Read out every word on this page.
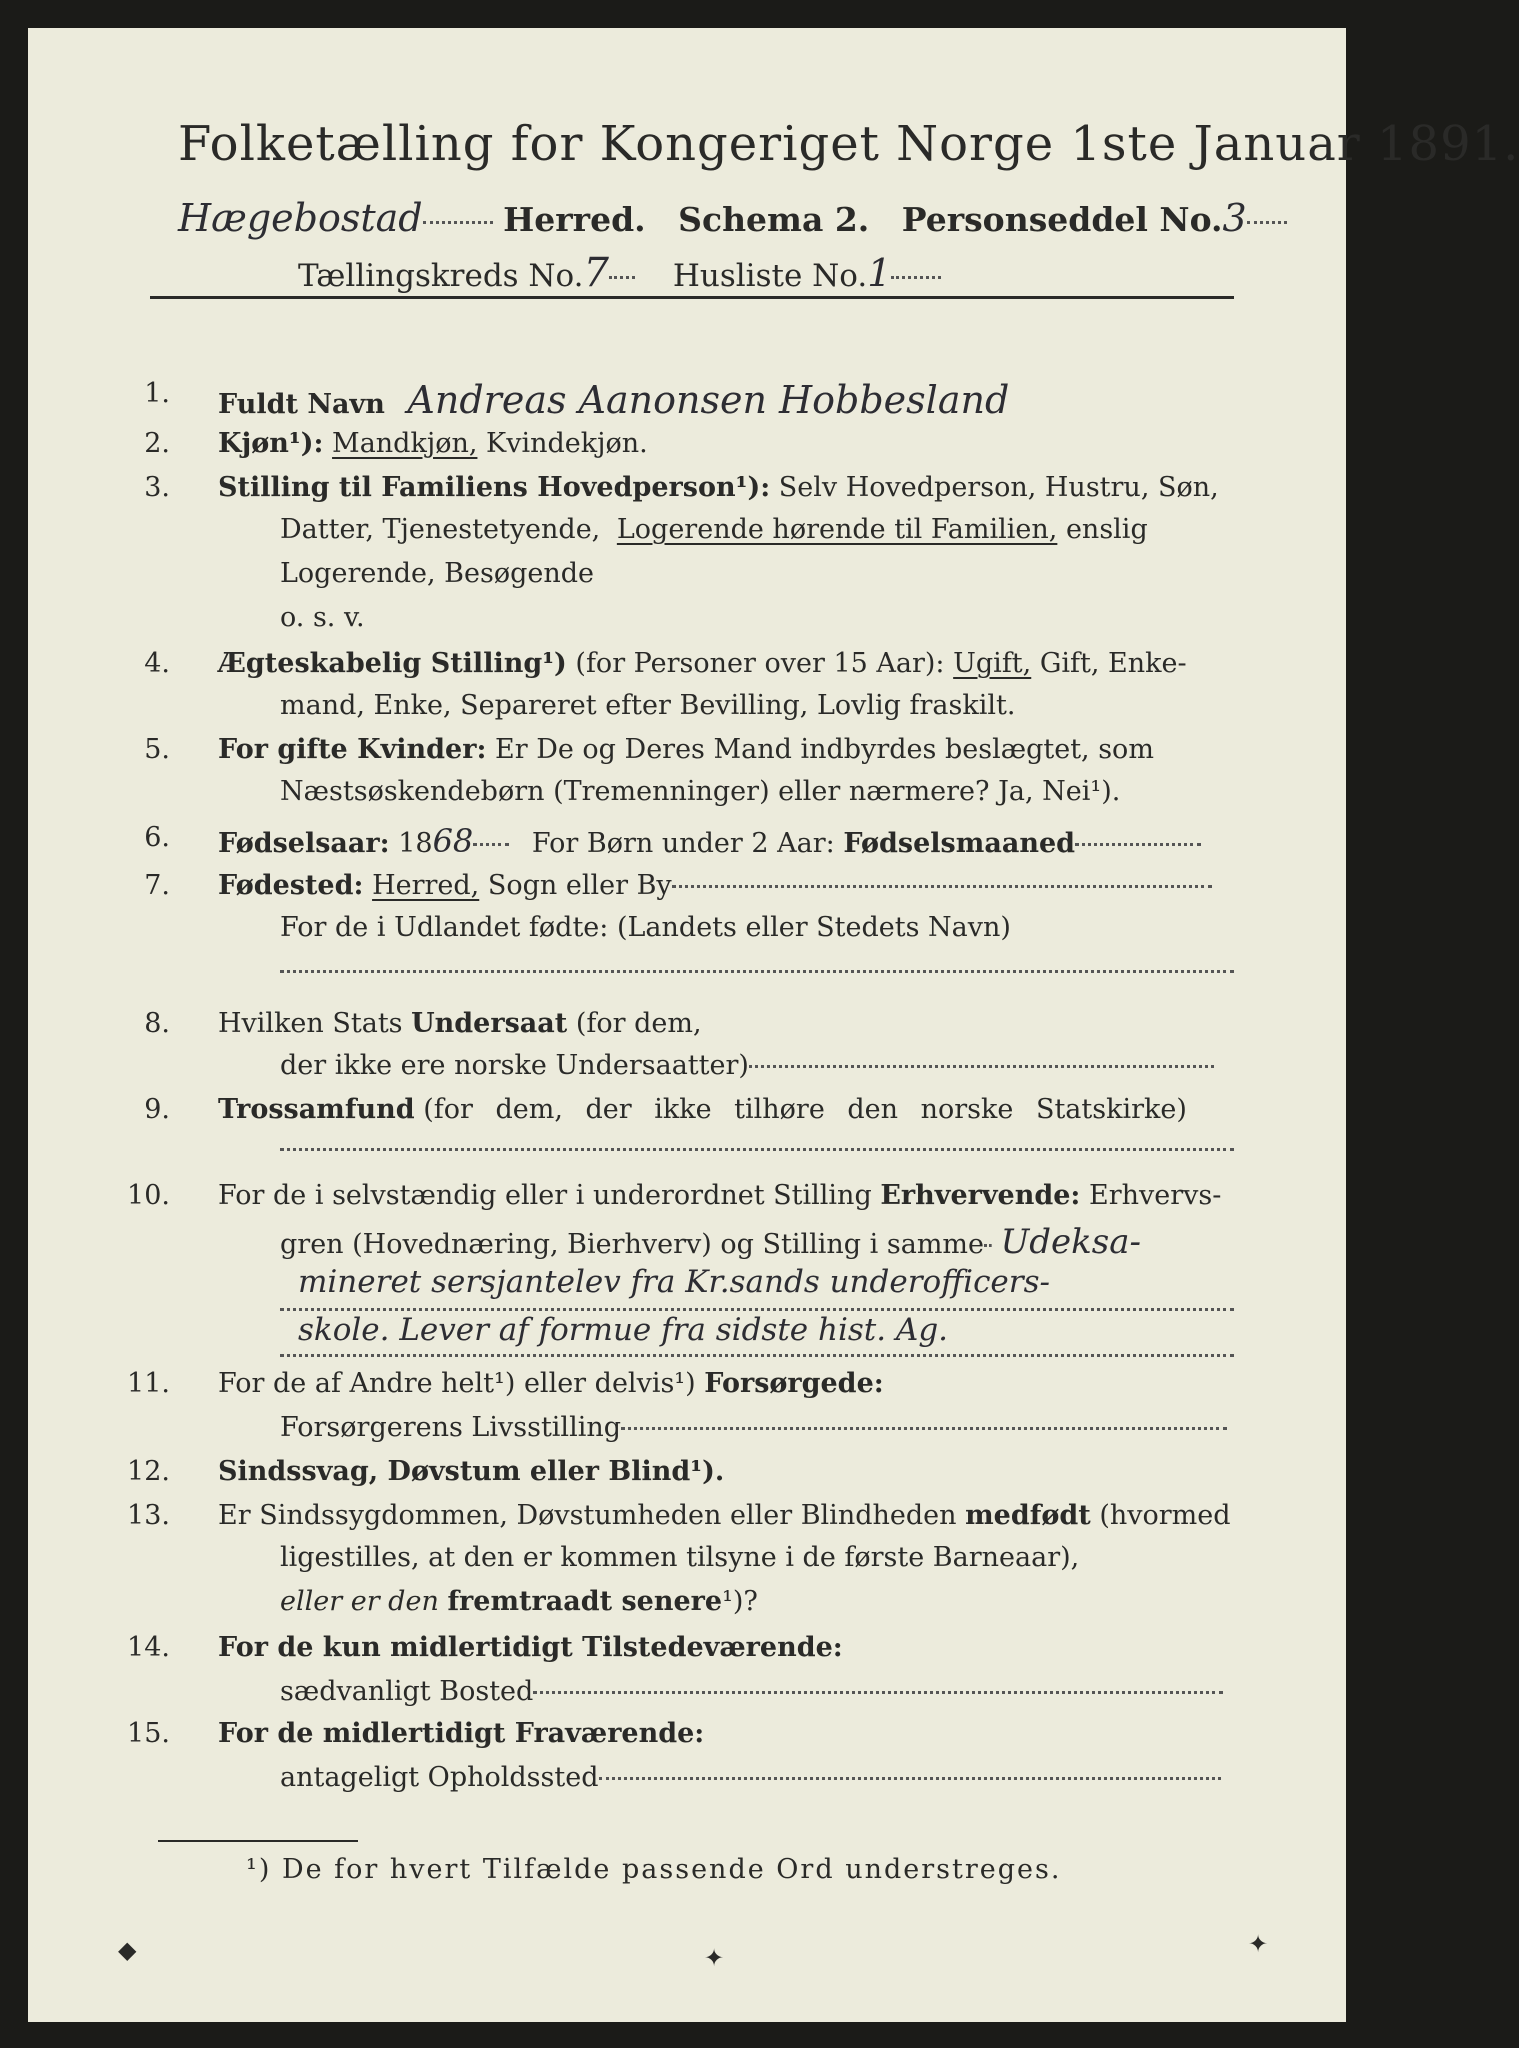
Folketælling for Kongeriget Norge 1ste Januar 1891.
Hægebostad Herred. Schema 2. Personseddel No.3
Tællingskreds No.7 Husliste No.1
1. Fuldt Navn Andreas Aanonsen Hobbesland
2. Kjøn¹): Mandkjøn, Kvindekjøn.
3. Stilling til Familiens Hovedperson¹): Selv Hovedperson, Hustru, Søn,
Datter, Tjenestetyende, Logerende hørende til Familien, enslig
Logerende, Besøgende
o. s. v.
4. Ægteskabelig Stilling¹) (for Personer over 15 Aar): Ugift, Gift, Enke-
mand, Enke, Separeret efter Bevilling, Lovlig fraskilt.
5. For gifte Kvinder: Er De og Deres Mand indbyrdes beslægtet, som
Næstsøskendebørn (Tremenninger) eller nærmere? Ja, Nei¹).
6. Fødselsaar: 1868 For Børn under 2 Aar: Fødselsmaaned
7. Fødested: Herred, Sogn eller By
For de i Udlandet fødte: (Landets eller Stedets Navn)
8. Hvilken Stats Undersaat (for dem,
der ikke ere norske Undersaatter)
9. Trossamfund (for dem, der ikke tilhøre den norske Statskirke)
10. For de i selvstændig eller i underordnet Stilling Erhvervende: Erhvervs-
gren (Hovednæring, Bierhverv) og Stilling i samme Udeksa-
mineret sersjantelev fra Kr.sands underofficers-
skole. Lever af formue fra sidste hist. Ag.
11. For de af Andre helt¹) eller delvis¹) Forsørgede:
Forsørgerens Livsstilling
12. Sindssvag, Døvstum eller Blind¹).
13. Er Sindssygdommen, Døvstumheden eller Blindheden medfødt (hvormed
ligestilles, at den er kommen tilsyne i de første Barneaar),
eller er den fremtraadt senere¹)?
14. For de kun midlertidigt Tilstedeværende:
sædvanligt Bosted
15. For de midlertidigt Fraværende:
antageligt Opholdssted
¹) De for hvert Tilfælde passende Ord understreges.
◆	✦
✦
